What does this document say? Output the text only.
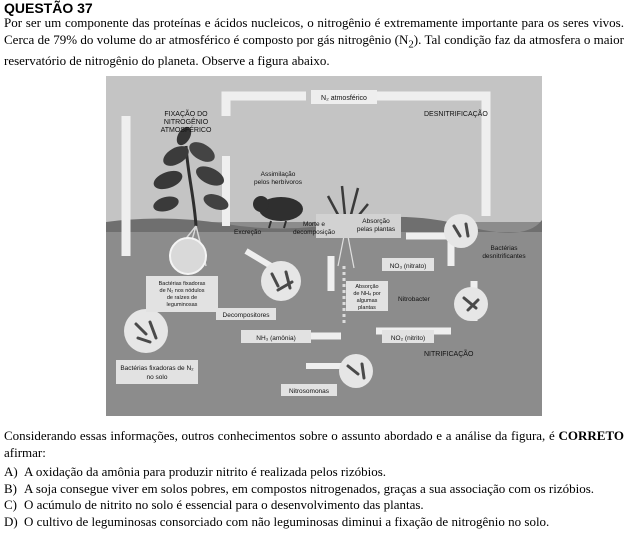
QUESTÃO 37
Por ser um componente das proteínas e ácidos nucleicos, o nitrogênio é extremamente importante para os seres vivos. Cerca de 79% do volume do ar atmosférico é composto por gás nitrogênio $(N_2)$. Tal condição faz da atmosfera o maior reservatório de nitrogênio do planeta. Observe a figura abaixo.
N₂ atmosférico
FIXAÇÃO DO
NITROGÊNIO
ATMOSFÉRICO
DESNITRIFICAÇÃO
Assimilação
pelos herbívoros
Excreção
Morte e
decomposição
Absorção
pelas plantas
Bactérias
desnitrificantes
NO₃ (nitrato)
Bactérias fixadoras
de N₂ nos nódulos
de raízes de
leguminosas
Absorção
de NH₄ por
algumas
plantas
Nitrobacter
Decompositores
NH₃ (amônia)	NO₂ (nitrito)
NITRIFICAÇÃO
Bactérias fixadoras de N₂
no solo
Nitrosomonas
Considerando essas informações, outros conhecimentos sobre o assunto abordado e a análise da figura, é CORRETO afirmar:
A) A oxidação da amônia para produzir nitrito é realizada pelos rizóbios.
B) A soja consegue viver em solos pobres, em compostos nitrogenados, graças a sua associação com os rizóbios.
C) O acúmulo de nitrito no solo é essencial para o desenvolvimento das plantas.
D) O cultivo de leguminosas consorciado com não leguminosas diminui a fixação de nitrogênio no solo.
